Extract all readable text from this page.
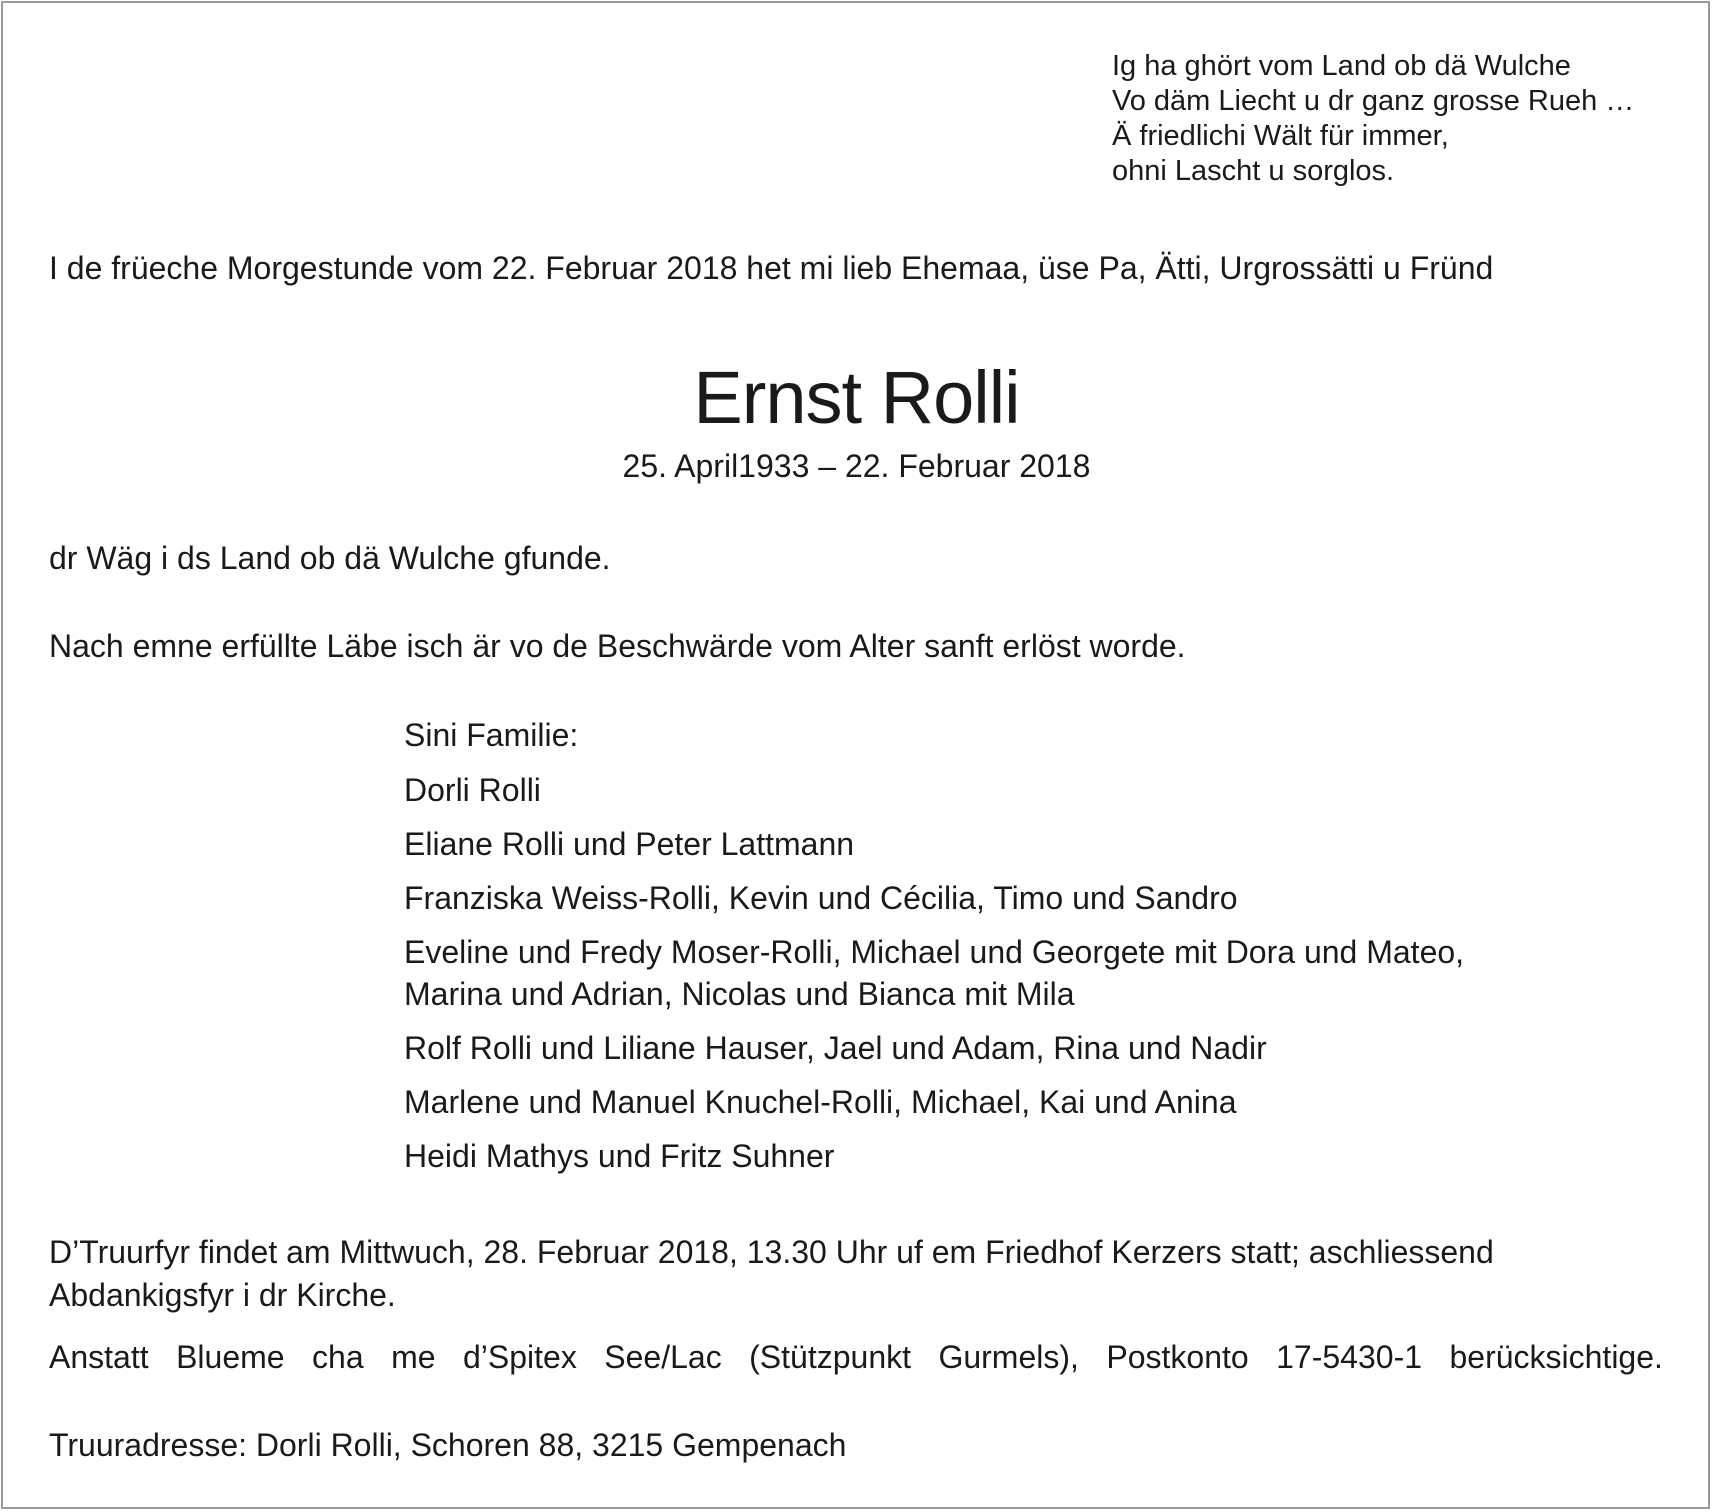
Ig ha ghört vom Land ob dä Wulche
Vo däm Liecht u dr ganz grosse Rueh …
Ä friedlichi Wält für immer,
ohni Lascht u sorglos.
I de früeche Morgestunde vom 22. Februar 2018 het mi lieb Ehemaa, üse Pa, Ätti, Urgrossätti u Fründ
Ernst Rolli
25. April1933 – 22. Februar 2018
dr Wäg i ds Land ob dä Wulche gfunde.
Nach emne erfüllte Läbe isch är vo de Beschwärde vom Alter sanft erlöst worde.
Sini Familie:
Dorli Rolli
Eliane Rolli und Peter Lattmann
Franziska Weiss-Rolli, Kevin und Cécilia, Timo und Sandro
Eveline und Fredy Moser-Rolli, Michael und Georgete mit Dora und Mateo,
Marina und Adrian, Nicolas und Bianca mit Mila
Rolf Rolli und Liliane Hauser, Jael und Adam, Rina und Nadir
Marlene und Manuel Knuchel-Rolli, Michael, Kai und Anina
Heidi Mathys und Fritz Suhner
D’Truurfyr findet am Mittwuch, 28. Februar 2018, 13.30 Uhr uf em Friedhof Kerzers statt; aschliessend
Abdankigsfyr i dr Kirche.
Anstatt Blueme cha me d’Spitex See/Lac (Stützpunkt Gurmels), Postkonto 17-5430-1 berücksichtige.
Truuradresse: Dorli Rolli, Schoren 88, 3215 Gempenach
